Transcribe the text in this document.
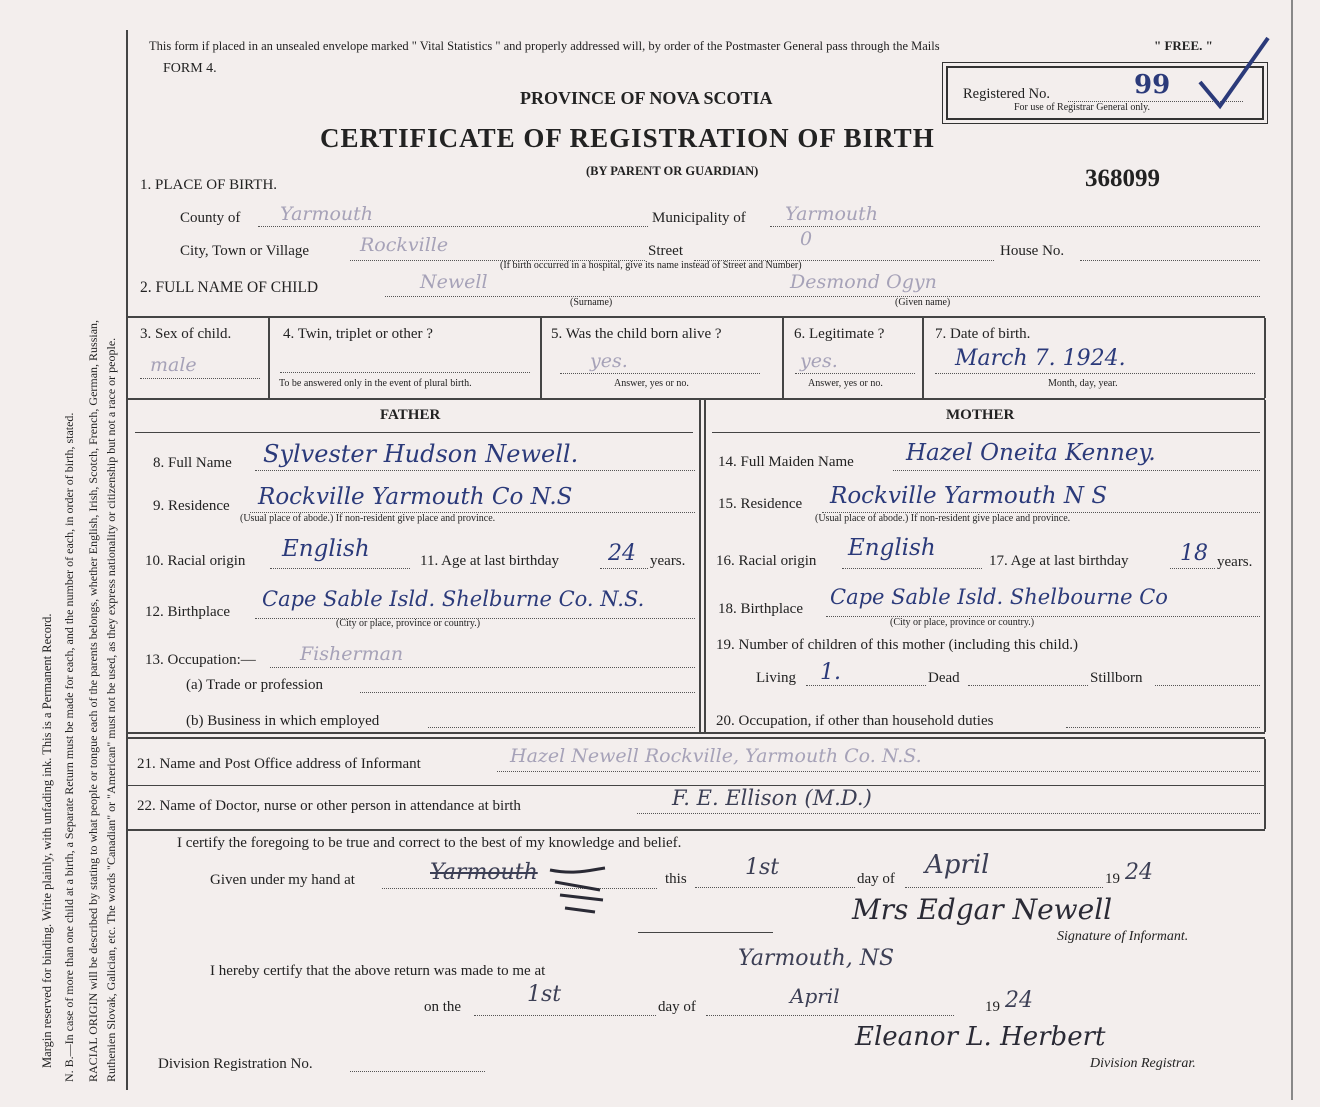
Margin reserved for binding. Write plainly, with unfading ink. This is a Permanent Record. N. B.—In case of more than one child at a birth, a Separate Return must be made for each, and the number of each, in order of birth, stated. RACIAL ORIGIN will be described by stating to what people or tongue each of the parents belongs, whether English, Irish, Scotch, French, German, Russian, Ruthenien Slovak, Galician, etc. The words "Canadian" or "American" must not be used, as they express nationality or citizenship but not a race or people.
This form if placed in an unsealed envelope marked " Vital Statistics " and properly addressed will, by order of the Postmaster General pass through the Mails	" FREE. "
FORM 4.
PROVINCE OF NOVA SCOTIA
CERTIFICATE OF REGISTRATION OF BIRTH
(BY PARENT OR GUARDIAN)
Registered No.	99
For use of Registrar General only.
368099
1. PLACE OF BIRTH.
County of Yarmouth	Municipality of Yarmouth
City, Town or Village	Rockville	Street
0
House No.
(If birth occurred in a hospital, give its name instead of Street and Number)
2. FULL NAME OF CHILD	Newell
(Surname)
Desmond Ogyn
(Given name)
3. Sex of child.
male
4. Twin, triplet or other ?
To be answered only in the event of plural birth.
5. Was the child born alive ?
yes.
Answer, yes or no.
6. Legitimate ?
yes.
Answer, yes or no.
7. Date of birth.
March 7. 1924.
Month, day, year.
FATHER	MOTHER
8. Full Name Sylvester Hudson Newell.
9. Residence Rockville Yarmouth Co N.S
(Usual place of abode.) If non-resident give place and province.
10. Racial origin English	11. Age at last birthday 24 years.
12. Birthplace
Cape Sable Isld. Shelburne Co. N.S.
(City or place, province or country.)
13. Occupation:— Fisherman
(a) Trade or profession
(b) Business in which employed
14. Full Maiden Name Hazel Oneita Kenney.
15. Residence Rockville Yarmouth N S
(Usual place of abode.) If non-resident give place and province.
16. Racial origin English	17. Age at last birthday 18 years.
18. Birthplace Cape Sable Isld. Shelbourne Co
(City or place, province or country.)
19. Number of children of this mother (including this child.)
Living 1.	Dead	Stillborn
20. Occupation, if other than household duties
21. Name and Post Office address of Informant	Hazel Newell Rockville, Yarmouth Co. N.S.
22. Name of Doctor, nurse or other person in attendance at birth	F. E. Ellison (M.D.)
I certify the foregoing to be true and correct to the best of my knowledge and belief.
Given under my hand at	Yarmouth	this	1st	day of April	19 24
Mrs Edgar Newell
Signature of Informant.
I hereby certify that the above return was made to me at	Yarmouth, NS
on the	1st	day of	April	19 24
Eleanor L. Herbert
Division Registration No.	Division Registrar.
